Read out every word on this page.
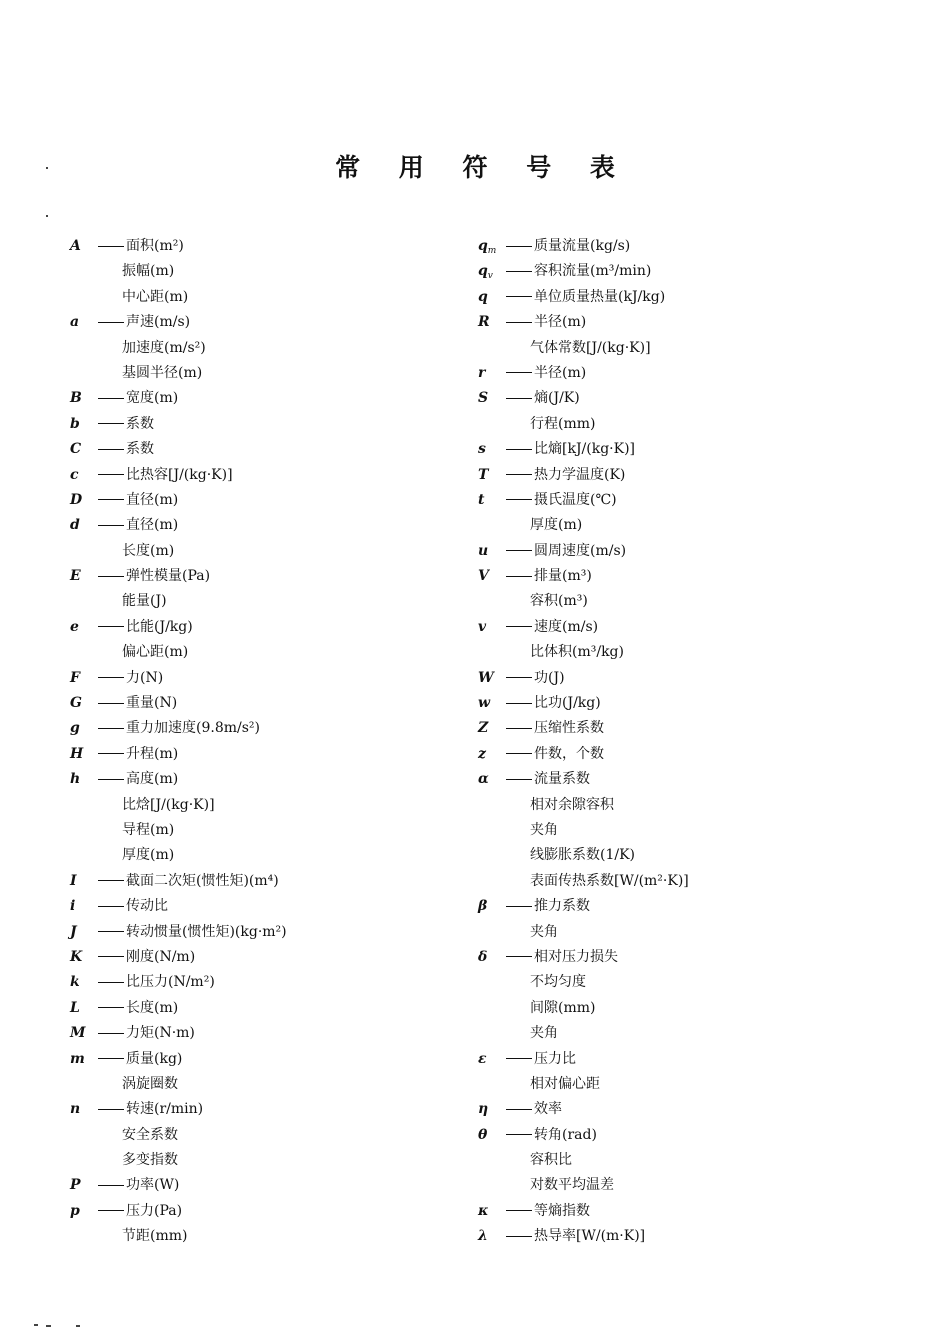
常 用 符 号 表
A	面积(m²)
振幅(m)
中心距(m)
a	声速(m/s)
加速度(m/s²)
基圆半径(m)
B	宽度(m)
b	系数
C	系数
c	比热容[J/(kg·K)]
D	直径(m)
d	直径(m)
长度(m)
E	弹性模量(Pa)
能量(J)
e	比能(J/kg)
偏心距(m)
F	力(N)
G	重量(N)
g	重力加速度(9.8m/s²)
H	升程(m)
h	高度(m)
比焓[J/(kg·K)]
导程(m)
厚度(m)
I	截面二次矩(惯性矩)(m⁴)
i	传动比
J	转动惯量(惯性矩)(kg·m²)
K	刚度(N/m)
k	比压力(N/m²)
L	长度(m)
M	力矩(N·m)
m	质量(kg)
涡旋圈数
n	转速(r/min)
安全系数
多变指数
P	功率(W)
p	压力(Pa)
节距(mm)
$q_m$	质量流量(kg/s)
$q_v$	容积流量(m³/min)
q	单位质量热量(kJ/kg)
R	半径(m)
气体常数[J/(kg·K)]
r	半径(m)
S	熵(J/K)
行程(mm)
s	比熵[kJ/(kg·K)]
T	热力学温度(K)
t	摄氏温度(℃)
厚度(m)
u	圆周速度(m/s)
V	排量(m³)
容积(m³)
v	速度(m/s)
比体积(m³/kg)
W	功(J)
w	比功(J/kg)
Z	压缩性系数
z	件数，个数
α	流量系数
相对余隙容积
夹角
线膨胀系数(1/K)
表面传热系数[W/(m²·K)]
β	推力系数
夹角
δ	相对压力损失
不均匀度
间隙(mm)
夹角
ε	压力比
相对偏心距
η	效率
θ	转角(rad)
容积比
对数平均温差
κ	等熵指数
λ	热导率[W/(m·K)]
